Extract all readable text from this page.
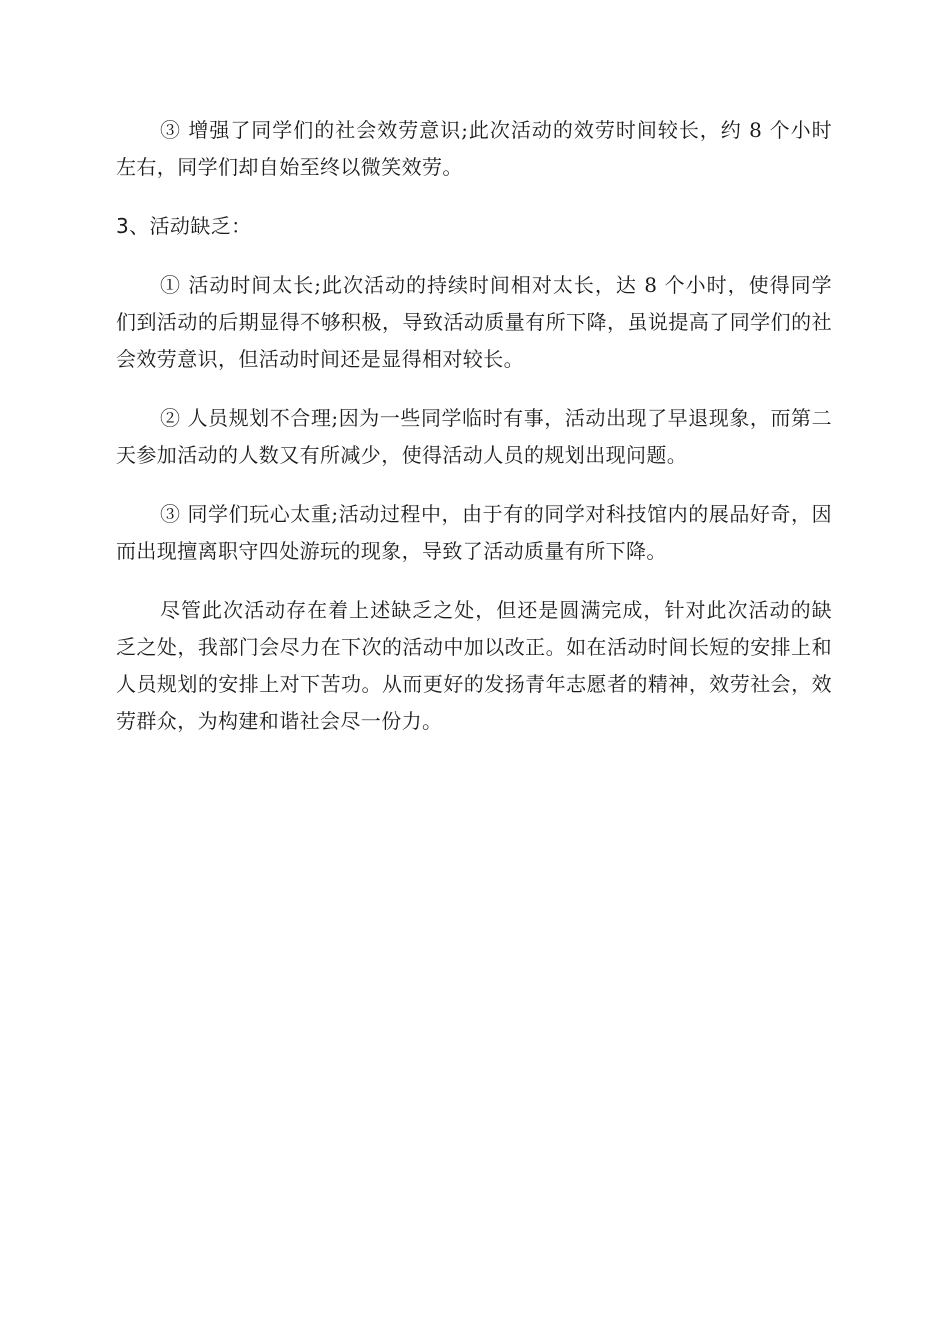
③ 增强了同学们的社会效劳意识;此次活动的效劳时间较长，约 8 个小时左右，同学们却自始至终以微笑效劳。

3、活动缺乏：

① 活动时间太长;此次活动的持续时间相对太长，达 8 个小时，使得同学们到活动的后期显得不够积极，导致活动质量有所下降，虽说提高了同学们的社会效劳意识，但活动时间还是显得相对较长。

② 人员规划不合理;因为一些同学临时有事，活动出现了早退现象，而第二天参加活动的人数又有所减少，使得活动人员的规划出现问题。

③ 同学们玩心太重;活动过程中，由于有的同学对科技馆内的展品好奇，因而出现擅离职守四处游玩的现象，导致了活动质量有所下降。

尽管此次活动存在着上述缺乏之处，但还是圆满完成，针对此次活动的缺乏之处，我部门会尽力在下次的活动中加以改正。如在活动时间长短的安排上和人员规划的安排上对下苦功。从而更好的发扬青年志愿者的精神，效劳社会，效劳群众，为构建和谐社会尽一份力。
